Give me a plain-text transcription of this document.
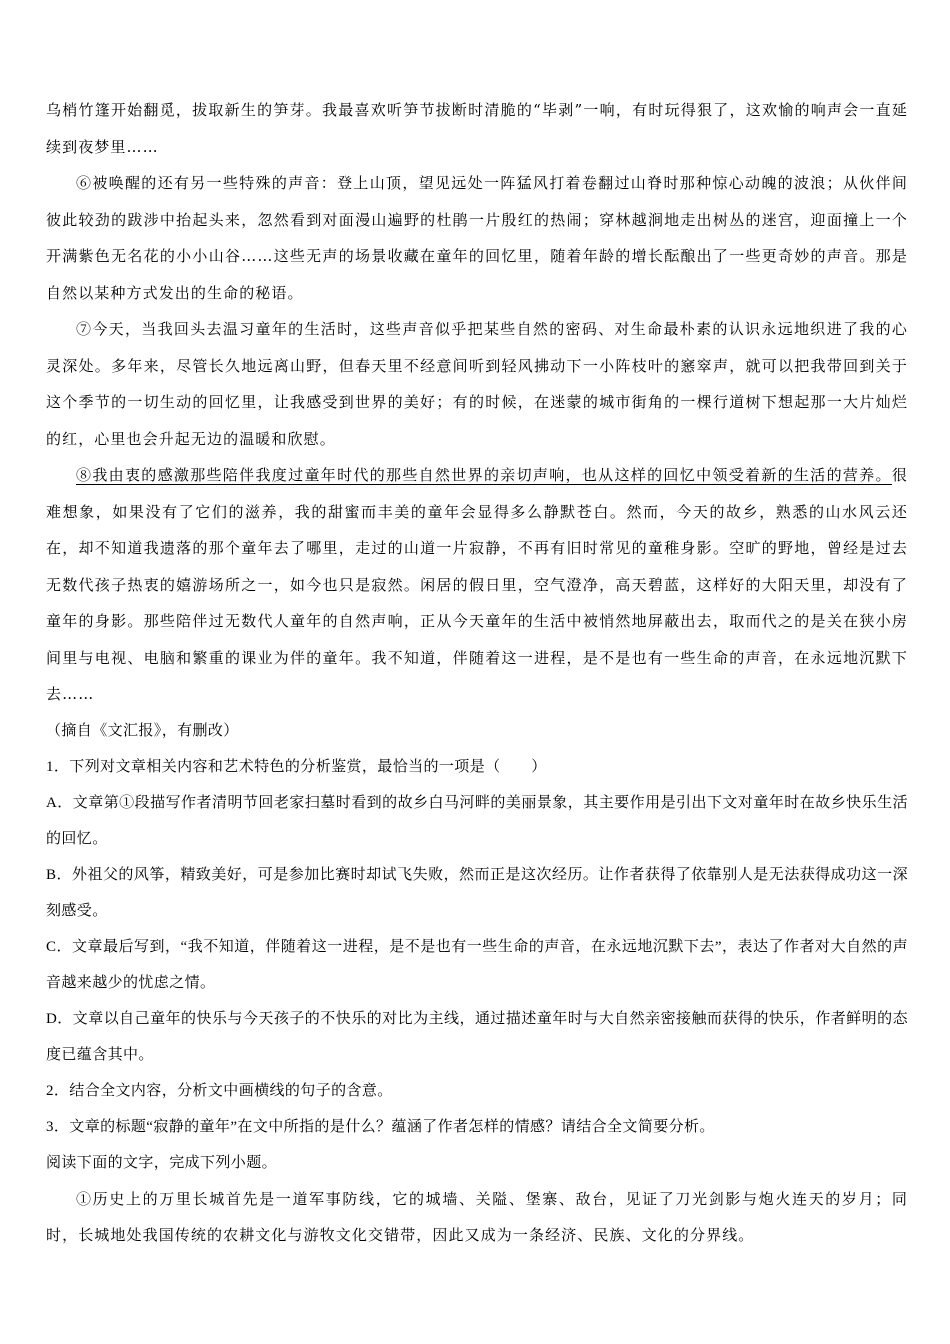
乌梢竹篷开始翻觅，拔取新生的笋芽。我最喜欢听笋节拔断时清脆的“毕剥”一响，有时玩得狠了，这欢愉的响声会一直延续到夜梦里……

⑥被唤醒的还有另一些特殊的声音：登上山顶，望见远处一阵猛风打着卷翻过山脊时那种惊心动魄的波浪；从伙伴间彼此较劲的跋涉中抬起头来，忽然看到对面漫山遍野的杜鹃一片殷红的热闹；穿林越涧地走出树丛的迷宫，迎面撞上一个开满紫色无名花的小小山谷……这些无声的场景收藏在童年的回忆里，随着年龄的增长酝酿出了一些更奇妙的声音。那是自然以某种方式发出的生命的秘语。

⑦今天，当我回头去温习童年的生活时，这些声音似乎把某些自然的密码、对生命最朴素的认识永远地织进了我的心灵深处。多年来，尽管长久地远离山野，但春天里不经意间听到轻风拂动下一小阵枝叶的窸窣声，就可以把我带回到关于这个季节的一切生动的回忆里，让我感受到世界的美好；有的时候，在迷蒙的城市街角的一棵行道树下想起那一大片灿烂的红，心里也会升起无边的温暖和欣慰。

⑧我由衷的感激那些陪伴我度过童年时代的那些自然世界的亲切声响，也从这样的回忆中领受着新的生活的营养。很难想象，如果没有了它们的滋养，我的甜蜜而丰美的童年会显得多么静默苍白。然而，今天的故乡，熟悉的山水风云还在，却不知道我遗落的那个童年去了哪里，走过的山道一片寂静，不再有旧时常见的童稚身影。空旷的野地，曾经是过去无数代孩子热衷的嬉游场所之一，如今也只是寂然。闲居的假日里，空气澄净，高天碧蓝，这样好的大阳天里，却没有了童年的身影。那些陪伴过无数代人童年的自然声响，正从今天童年的生活中被悄然地屏蔽出去，取而代之的是关在狭小房间里与电视、电脑和繁重的课业为伴的童年。我不知道，伴随着这一进程，是不是也有一些生命的声音，在永远地沉默下去……

（摘自《文汇报》，有删改）

1．下列对文章相关内容和艺术特色的分析鉴赏，最恰当的一项是（　　）

A．文章第①段描写作者清明节回老家扫墓时看到的故乡白马河畔的美丽景象，其主要作用是引出下文对童年时在故乡快乐生活的回忆。

B．外祖父的风筝，精致美好，可是参加比赛时却试飞失败，然而正是这次经历。让作者获得了依靠别人是无法获得成功这一深刻感受。

C．文章最后写到，“我不知道，伴随着这一进程，是不是也有一些生命的声音，在永远地沉默下去”，表达了作者对大自然的声音越来越少的忧虑之情。

D．文章以自己童年的快乐与今天孩子的不快乐的对比为主线，通过描述童年时与大自然亲密接触而获得的快乐，作者鲜明的态度已蕴含其中。

2．结合全文内容，分析文中画横线的句子的含意。

3．文章的标题“寂静的童年”在文中所指的是什么？蕴涵了作者怎样的情感？请结合全文简要分析。

阅读下面的文字，完成下列小题。

①历史上的万里长城首先是一道军事防线，它的城墙、关隘、堡寨、敌台，见证了刀光剑影与炮火连天的岁月；同时，长城地处我国传统的农耕文化与游牧文化交错带，因此又成为一条经济、民族、文化的分界线。
